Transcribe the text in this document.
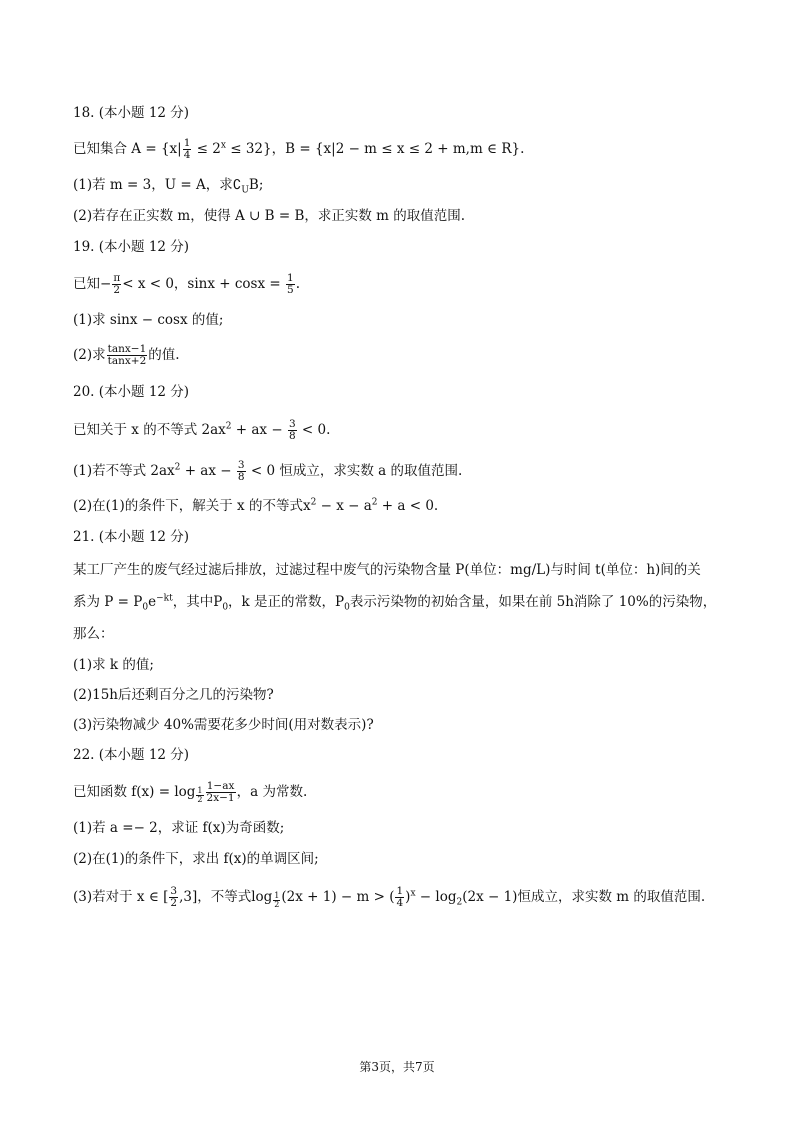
18. (本小题 12 分)
已知集合 $A = \{x| \frac{1}{4} \le 2^x \le 32\}$，B = {x|2 − m ≤ x ≤ 2 + m,m ∈ R}.
(1)若 m = 3，U = A，求$∁_UB$;
(2)若存在正实数 m，使得 A ∪ B = B，求正实数 m 的取值范围.
19. (本小题 12 分)
已知− $\frac{\pi}{2} < x < 0$，$\sin x + \cos x = \frac{1}{5}$ .
(1)求 sinx − cosx 的值;
(2)求 $\frac{\tan x-1}{\tan x+2}$ 的值.
20. (本小题 12 分)
已知关于 x 的不等式 $2ax^2$ + ax − $\frac{3}{8} < 0$.
(1)若不等式 $2ax^2$ + ax − $\frac{3}{8} < 0$ 恒成立，求实数 a 的取值范围.
(2)在(1)的条件下，解关于 x 的不等式$x^2 - x - a^2 + a < 0$.
21. (本小题 12 分)
某工厂产生的废气经过滤后排放，过滤过程中废气的污染物含量 P(单位：mg/L)与时间 t(单位：h)间的关
系为 $P = P_0e^{-kt}$，其中$P_0$，k 是正的常数，$P_0$表示污染物的初始含量，如果在前 5h消除了 10%的污染物，
那么：
(1)求 k 的值;
(2)15h后还剩百分之几的污染物?
(3)污染物减少 40%需要花多少时间(用对数表示)?
22. (本小题 12 分)
已知函数 $f(x) = \log \frac{1}{2} \frac{1-ax}{2x-1}$ ，a 为常数.
(1)若 a =− 2，求证 f(x)为奇函数;
(2)在(1)的条件下，求出 f(x)的单调区间;
(3)若对于 x ∈ [ $\frac{3}{2} ,3$]，不等式$\log \frac{1}{2} (2x + 1) - m$ > ( $\frac{1}{4} )^x - \log_2(2x - 1)$恒成立，求实数 m 的取值范围.
第3页，共7页
